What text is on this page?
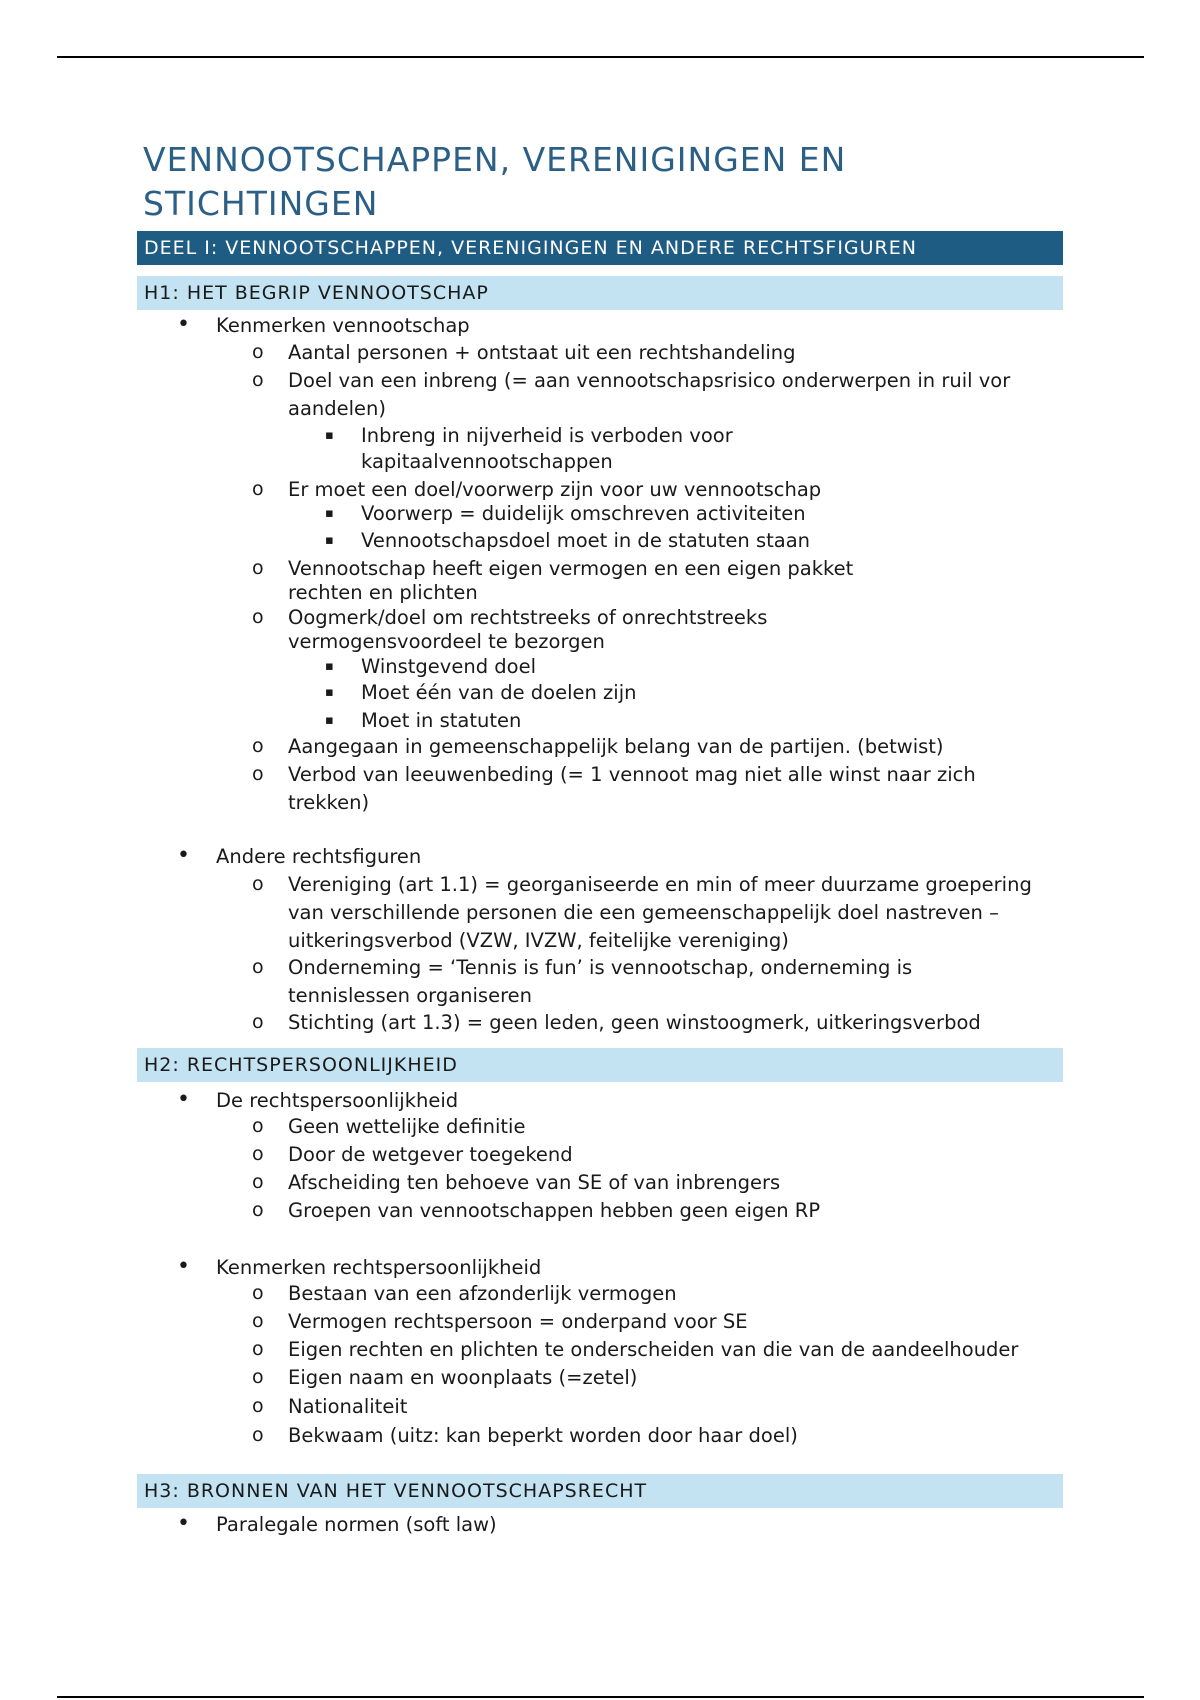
VENNOOTSCHAPPEN, VERENIGINGEN EN STICHTINGEN
DEEL I: VENNOOTSCHAPPEN, VERENIGINGEN EN ANDERE RECHTSFIGUREN
H1: HET BEGRIP VENNOOTSCHAP
• Kenmerken vennootschap
o Aantal personen + ontstaat uit een rechtshandeling
o Doel van een inbreng (= aan vennootschapsrisico onderwerpen in ruil vor
aandelen)
▪ Inbreng in nijverheid is verboden voor
kapitaalvennootschappen
o Er moet een doel/voorwerp zijn voor uw vennootschap
▪ Voorwerp = duidelijk omschreven activiteiten
▪ Vennootschapsdoel moet in de statuten staan
o Vennootschap heeft eigen vermogen en een eigen pakket
rechten en plichten
o Oogmerk/doel om rechtstreeks of onrechtstreeks
vermogensvoordeel te bezorgen
▪ Winstgevend doel
▪ Moet één van de doelen zijn
▪ Moet in statuten
o Aangegaan in gemeenschappelijk belang van de partijen. (betwist)
o Verbod van leeuwenbeding (= 1 vennoot mag niet alle winst naar zich
trekken)
• Andere rechtsfiguren
o Vereniging (art 1.1) = georganiseerde en min of meer duurzame groepering
van verschillende personen die een gemeenschappelijk doel nastreven –
uitkeringsverbod (VZW, IVZW, feitelijke vereniging)
o Onderneming = ‘Tennis is fun’ is vennootschap, onderneming is
tennislessen organiseren
o Stichting (art 1.3) = geen leden, geen winstoogmerk, uitkeringsverbod
H2: RECHTSPERSOONLIJKHEID
• De rechtspersoonlijkheid
o Geen wettelijke definitie
o Door de wetgever toegekend
o Afscheiding ten behoeve van SE of van inbrengers
o Groepen van vennootschappen hebben geen eigen RP
• Kenmerken rechtspersoonlijkheid
o Bestaan van een afzonderlijk vermogen
o Vermogen rechtspersoon = onderpand voor SE
o Eigen rechten en plichten te onderscheiden van die van de aandeelhouder
o Eigen naam en woonplaats (=zetel)
o Nationaliteit
o Bekwaam (uitz: kan beperkt worden door haar doel)
H3: BRONNEN VAN HET VENNOOTSCHAPSRECHT
• Paralegale normen (soft law)
